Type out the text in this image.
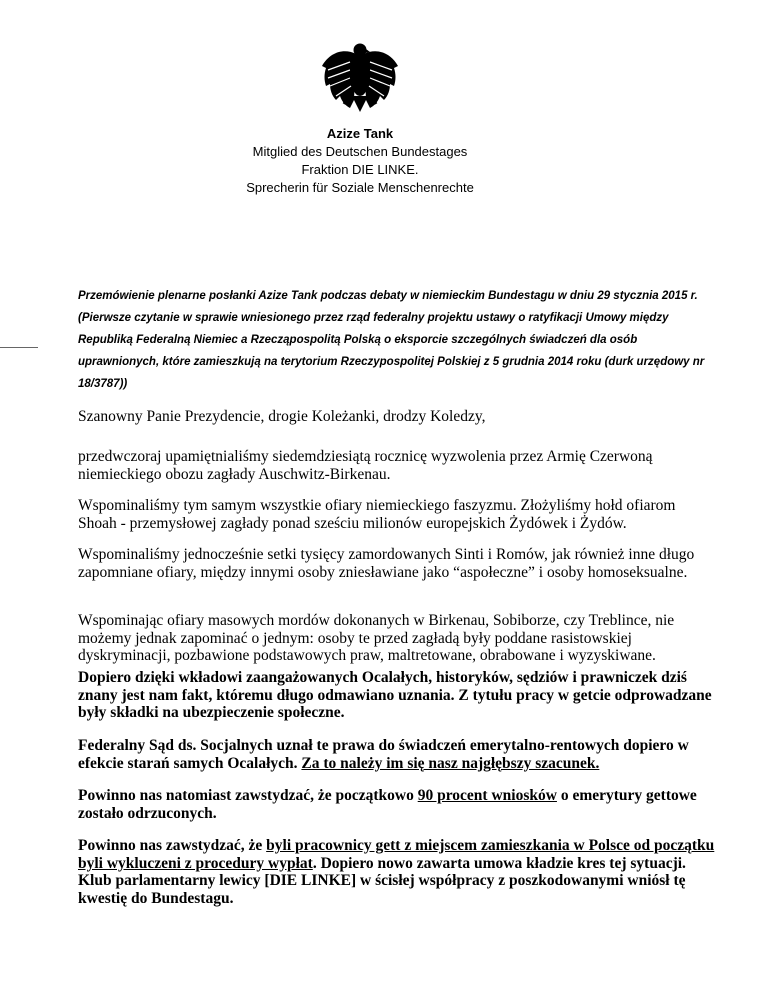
Azize Tank
Mitglied des Deutschen Bundestages
Fraktion DIE LINKE.
Sprecherin für Soziale Menschenrechte
Przemówienie plenarne posłanki Azize Tank podczas debaty w niemieckim Bundestagu w dniu 29 stycznia 2015 r. (Pierwsze czytanie w sprawie wniesionego przez rząd federalny projektu ustawy o ratyfikacji Umowy między Republiką Federalną Niemiec a Rzecząpospolitą Polską o eksporcie szczególnych świadczeń dla osób uprawnionych, które zamieszkują na terytorium Rzeczypospolitej Polskiej z 5 grudnia 2014 roku (durk urzędowy nr 18/3787))
Szanowny Panie Prezydencie, drogie Koleżanki, drodzy Koledzy,
przedwczoraj upamiętnialiśmy siedemdziesiątą rocznicę wyzwolenia przez Armię Czerwoną niemieckiego obozu zagłady Auschwitz-Birkenau.
Wspominaliśmy tym samym wszystkie ofiary niemieckiego faszyzmu. Złożyliśmy hołd ofiarom Shoah - przemysłowej zagłady ponad sześciu milionów europejskich Żydówek i Żydów.
Wspominaliśmy jednocześnie setki tysięcy zamordowanych Sinti i Romów, jak również inne długo zapomniane ofiary, między innymi osoby zniesławiane jako “aspołeczne” i osoby homoseksualne.
Wspominając ofiary masowych mordów dokonanych w Birkenau, Sobiborze, czy Treblince, nie możemy jednak zapominać o jednym: osoby te przed zagładą były poddane rasistowskiej dyskryminacji, pozbawione podstawowych praw, maltretowane, obrabowane i wyzyskiwane.
Dopiero dzięki wkładowi zaangażowanych Ocalałych, historyków, sędziów i prawniczek dziś znany jest nam fakt, któremu długo odmawiano uznania. Z tytułu pracy w getcie odprowadzane były składki na ubezpieczenie społeczne.
Federalny Sąd ds. Socjalnych uznał te prawa do świadczeń emerytalno-rentowych dopiero w efekcie starań samych Ocalałych. Za to należy im się nasz najgłębszy szacunek.
Powinno nas natomiast zawstydzać, że początkowo 90 procent wniosków o emerytury gettowe zostało odrzuconych.
Powinno nas zawstydzać, że byli pracownicy gett z miejscem zamieszkania w Polsce od początku byli wykluczeni z procedury wypłat. Dopiero nowo zawarta umowa kładzie kres tej sytuacji. Klub parlamentarny lewicy [DIE LINKE] w ścisłej współpracy z poszkodowanymi wniósł tę kwestię do Bundestagu.
